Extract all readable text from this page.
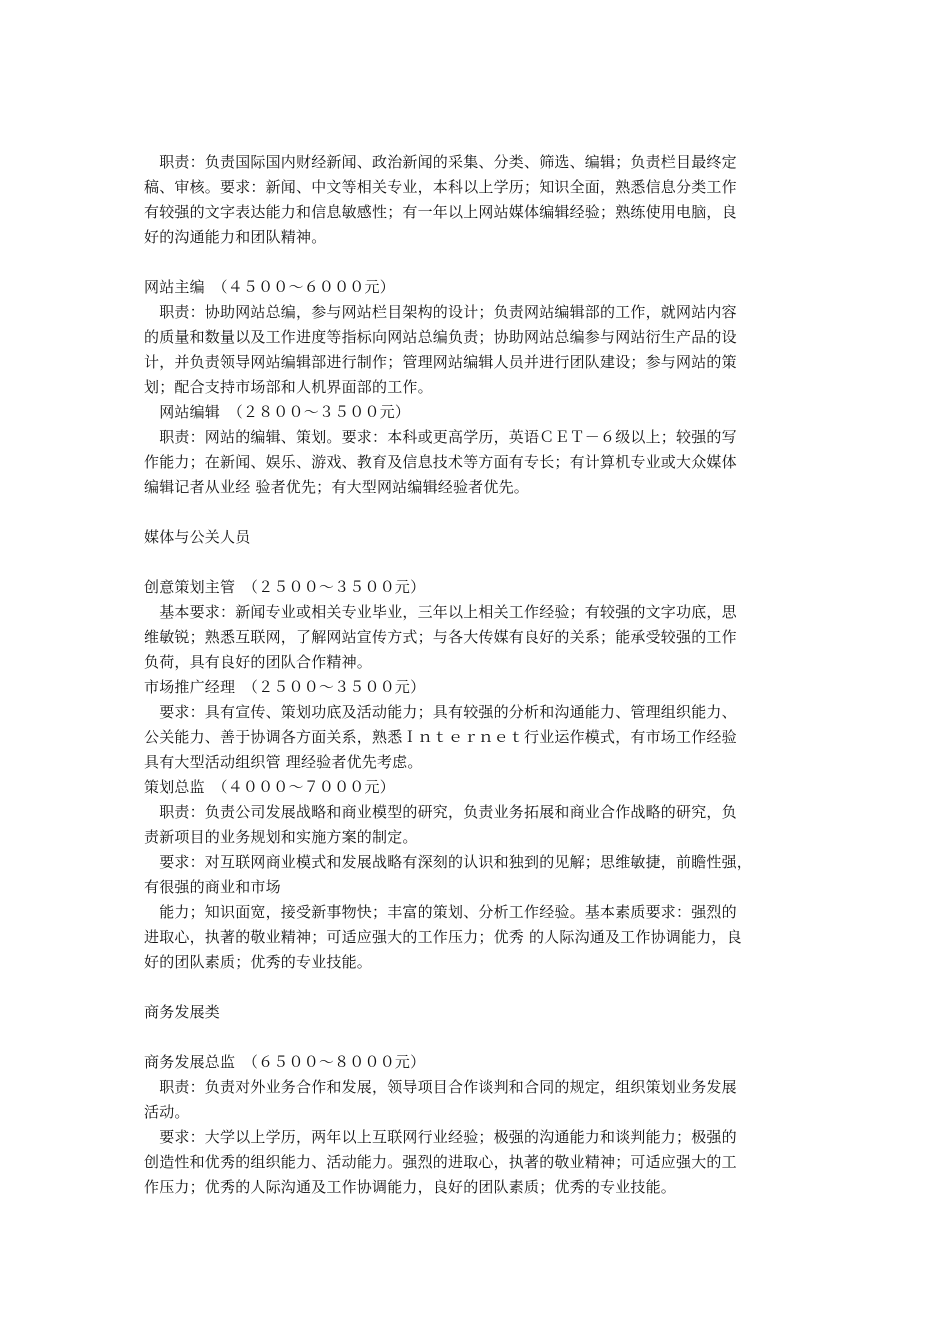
　职责：负责国际国内财经新闻、政治新闻的采集、分类、筛选、编辑；负责栏目最终定
稿、审核。要求：新闻、中文等相关专业，本科以上学历；知识全面，熟悉信息分类工作
有较强的文字表达能力和信息敏感性；有一年以上网站媒体编辑经验；熟练使用电脑，良
好的沟通能力和团队精神。
网站主编　（４５００～６０００元）
　职责：协助网站总编，参与网站栏目架构的设计；负责网站编辑部的工作，就网站内容
的质量和数量以及工作进度等指标向网站总编负责；协助网站总编参与网站衍生产品的设
计，并负责领导网站编辑部进行制作；管理网站编辑人员并进行团队建设；参与网站的策
划；配合支持市场部和人机界面部的工作。
　网站编辑　（２８００～３５００元）
　职责：网站的编辑、策划。要求：本科或更高学历，英语ＣＥＴ－６级以上；较强的写
作能力；在新闻、娱乐、游戏、教育及信息技术等方面有专长；有计算机专业或大众媒体
编辑记者从业经 验者优先；有大型网站编辑经验者优先。
媒体与公关人员
创意策划主管　（２５００～３５００元）
　基本要求：新闻专业或相关专业毕业，三年以上相关工作经验；有较强的文字功底，思
维敏锐；熟悉互联网，了解网站宣传方式；与各大传媒有良好的关系；能承受较强的工作
负荷，具有良好的团队合作精神。
市场推广经理　（２５００～３５００元）
　要求：具有宣传、策划功底及活动能力；具有较强的分析和沟通能力、管理组织能力、
公关能力、善于协调各方面关系，熟悉Ｉｎｔｅｒｎｅｔ行业运作模式，有市场工作经验
具有大型活动组织管 理经验者优先考虑。
策划总监　（４０００～７０００元）
　职责：负责公司发展战略和商业模型的研究，负责业务拓展和商业合作战略的研究，负
责新项目的业务规划和实施方案的制定。
　要求：对互联网商业模式和发展战略有深刻的认识和独到的见解；思维敏捷，前瞻性强，
有很强的商业和市场
　能力；知识面宽，接受新事物快；丰富的策划、分析工作经验。基本素质要求：强烈的
进取心，执著的敬业精神；可适应强大的工作压力；优秀 的人际沟通及工作协调能力，良
好的团队素质；优秀的专业技能。
商务发展类
商务发展总监　（６５００～８０００元）
　职责：负责对外业务合作和发展，领导项目合作谈判和合同的规定，组织策划业务发展
活动。
　要求：大学以上学历，两年以上互联网行业经验；极强的沟通能力和谈判能力；极强的
创造性和优秀的组织能力、活动能力。强烈的进取心，执著的敬业精神；可适应强大的工
作压力；优秀的人际沟通及工作协调能力，良好的团队素质；优秀的专业技能。
